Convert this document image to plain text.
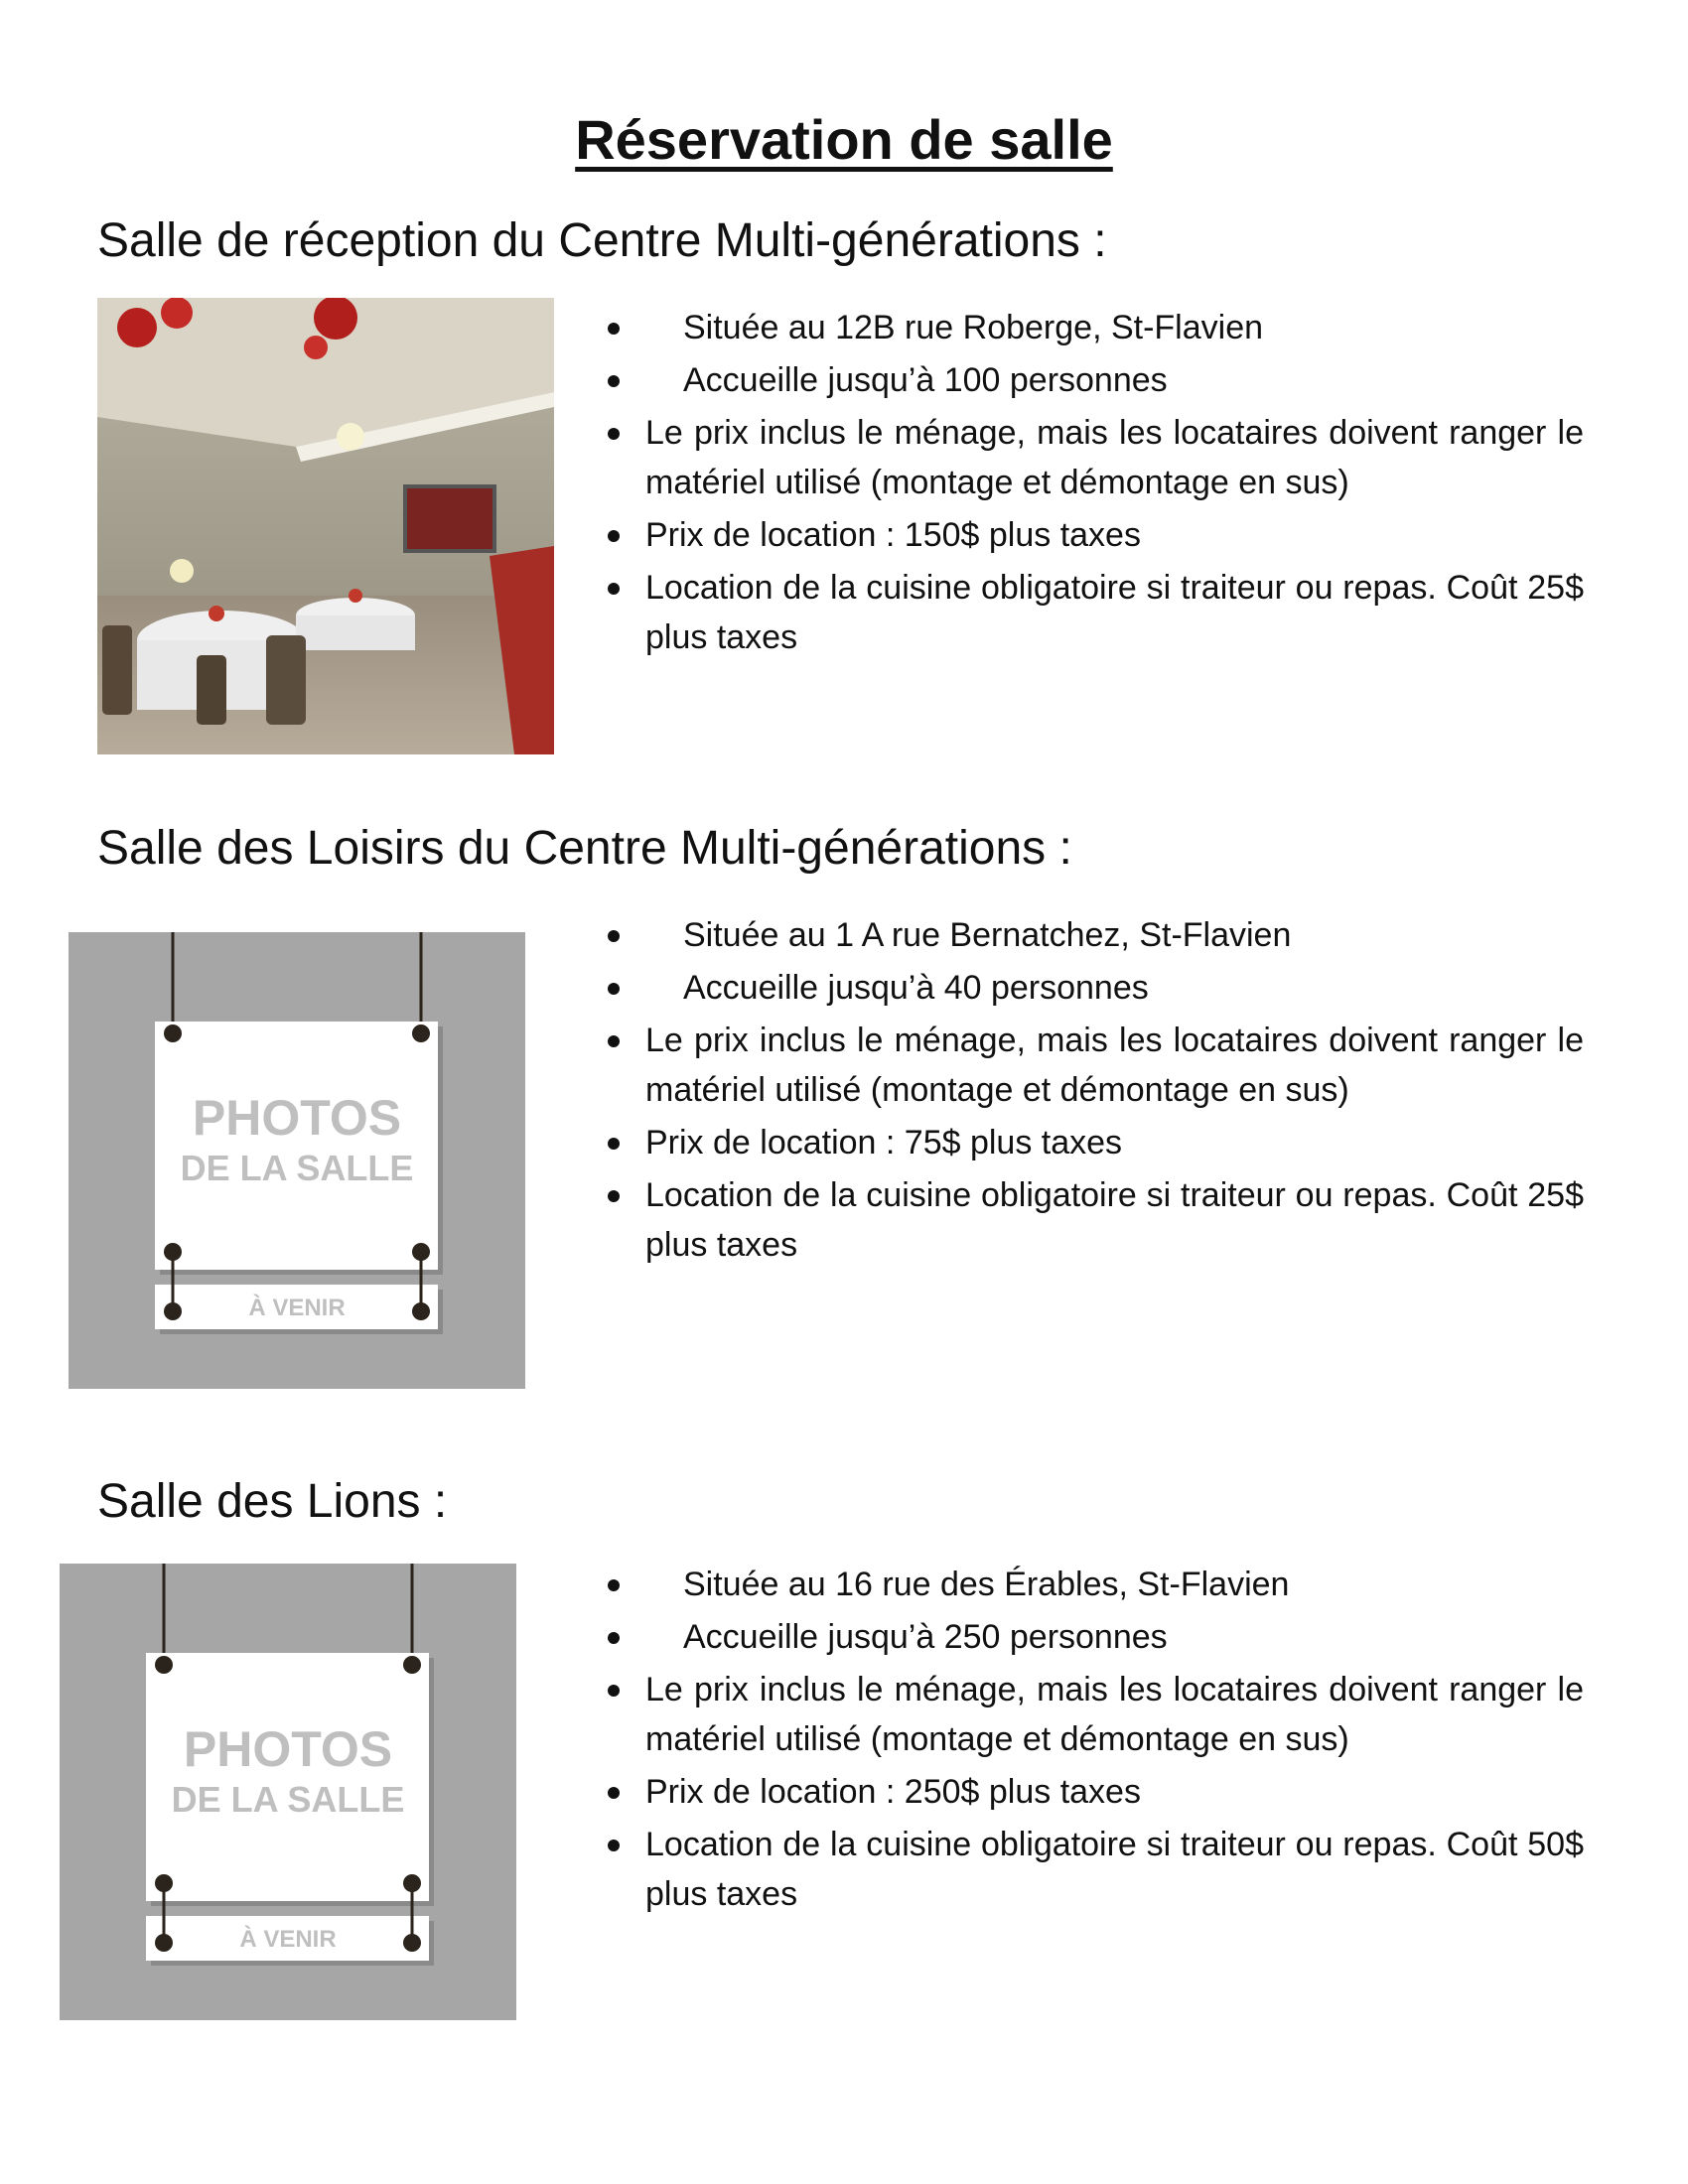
Réservation de salle
Salle de réception du Centre Multi-générations :
Située au 12B rue Roberge, St-Flavien
Accueille jusqu’à 100 personnes
Le prix inclus le ménage, mais les locataires doivent ranger le matériel utilisé (montage et démontage en sus)
Prix de location : 150$ plus taxes
Location de la cuisine obligatoire si traiteur ou repas. Coût 25$ plus taxes
Salle des Loisirs du Centre Multi-générations :
PHOTOS
DE LA SALLE
À VENIR
Située au 1 A rue Bernatchez, St-Flavien
Accueille jusqu’à 40 personnes
Le prix inclus le ménage, mais les locataires doivent ranger le matériel utilisé (montage et démontage en sus)
Prix de location : 75$ plus taxes
Location de la cuisine obligatoire si traiteur ou repas. Coût 25$ plus taxes
Salle des Lions :
PHOTOS
DE LA SALLE
À VENIR
Située au 16 rue des Érables, St-Flavien
Accueille jusqu’à 250 personnes
Le prix inclus le ménage, mais les locataires doivent ranger le matériel utilisé (montage et démontage en sus)
Prix de location : 250$ plus taxes
Location de la cuisine obligatoire si traiteur ou repas. Coût 50$ plus taxes
